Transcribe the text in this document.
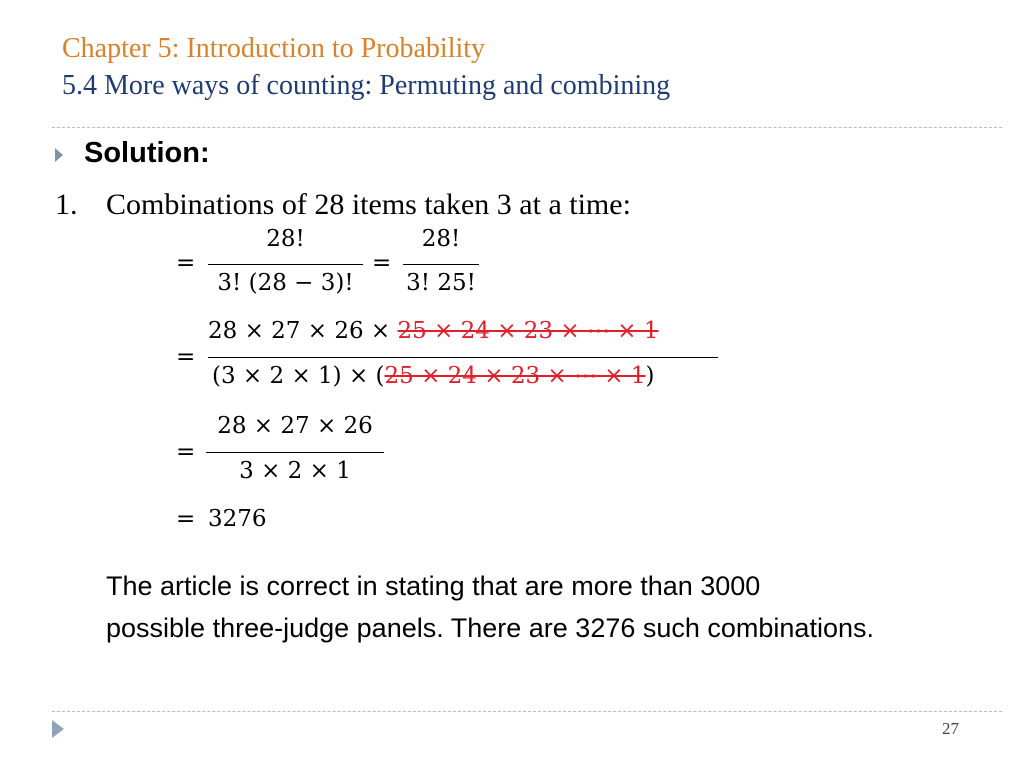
Chapter 5: Introduction to Probability
5.4 More ways of counting: Permuting and combining
Solution:
1. Combinations of 28 items taken 3 at a time:
=
28!
3! (28 − 3)!
=
28!
3! 25!
=
28 × 27 × 26 × 25 × 24 × 23 × ⋯ × 1
(3 × 2 × 1) × (25 × 24 × 23 × ⋯ × 1)
=
28 × 27 × 26
3 × 2 × 1
= 3276
The article is correct in stating that are more than 3000
possible three-judge panels. There are 3276 such combinations.
27
